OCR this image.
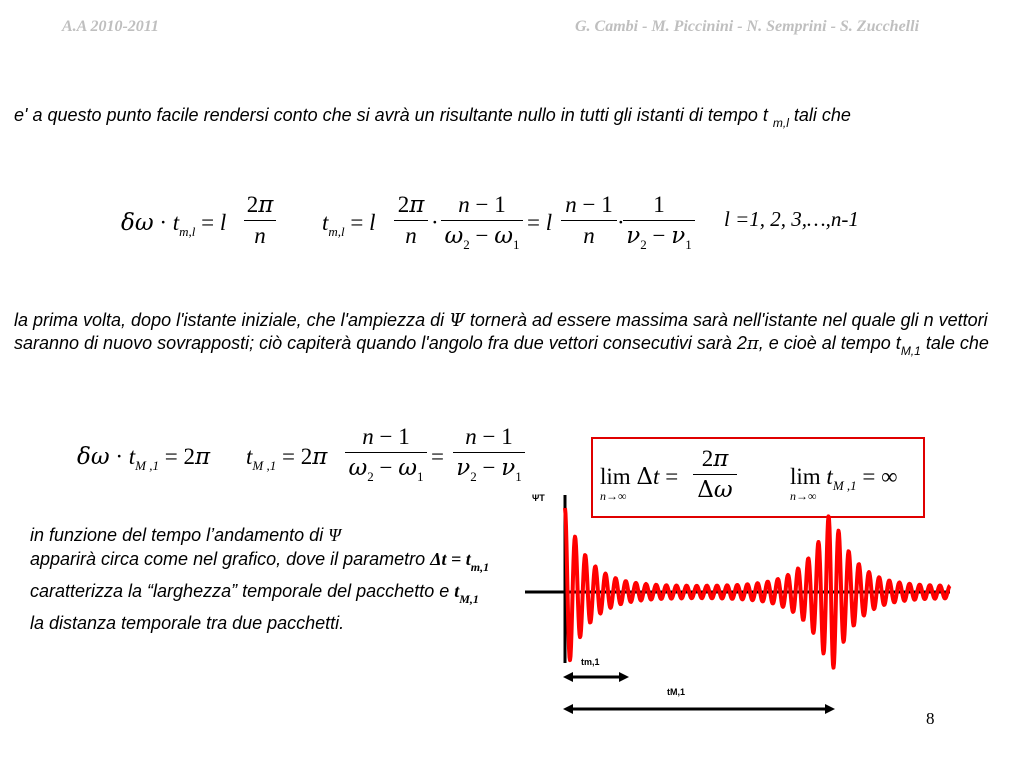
A.A 2010-2011	G. Cambi - M. Piccinini - N. Semprini - S. Zucchelli
e' a questo punto facile rendersi conto che si avrà un risultante nullo in tutti gli istanti di tempo t $_{m,l}$ tali che
$\delta\omega \cdot t_{m,l} = l$
2π
n
$t_{m,l} = l$
2π
n
·
n − 1
$\omega_2 - \omega_1$
= l
n − 1
n
·
1
$\nu_2 - \nu_1$
l =1, 2, 3,…,n-1
la prima volta, dopo l'istante iniziale, che l'ampiezza di Ψ tornerà ad essere massima sarà nell'istante nel quale gli n vettori saranno di nuovo sovrapposti; ciò capiterà quando l'angolo fra due vettori consecutivi sarà 2π, e cioè al tempo $t_{M,1}$ tale che
$\delta\omega \cdot t_{M ,1} = 2\pi$ $t_{M ,1} = 2\pi$
n − 1
$\omega_2 - \omega_1$
=
n − 1
$\nu_2 - \nu_1$	lim Δt =
n→∞
2π
Δω
$\lim t_{M ,1}$ = ∞
n→∞
in funzione del tempo l’andamento di Ψ
apparirà circa come nel grafico, dove il parametro $\Delta t = t_{m,1}$ caratterizza la “larghezza” temporale del pacchetto e $t_{M,1}$ la distanza temporale tra due pacchetti.
ΨT
tm,1
tM,1
8
